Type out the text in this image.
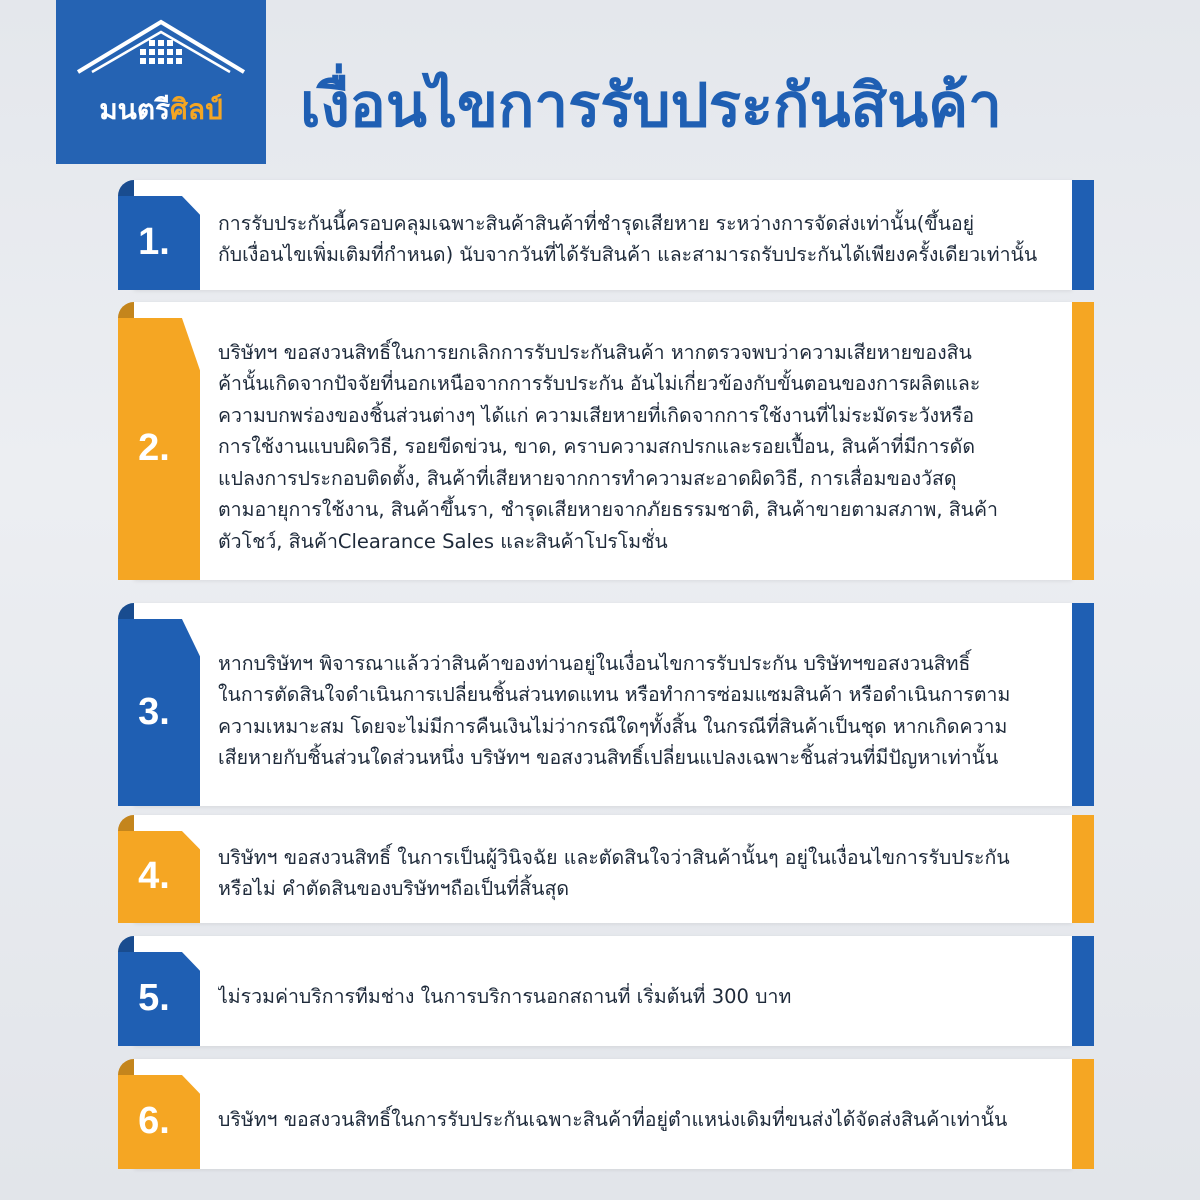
มนตรีศิลป์	เงื่อนไขการรับประกันสินค้า
1.	การรับประกันนี้ครอบคลุมเฉพาะสินค้าสินค้าที่ชำรุดเสียหาย ระหว่างการจัดส่งเท่านั้น(ขึ้นอยู่
กับเงื่อนไขเพิ่มเติมที่กำหนด) นับจากวันที่ได้รับสินค้า และสามารถรับประกันได้เพียงครั้งเดียวเท่านั้น
2.
บริษัทฯ ขอสงวนสิทธิ์ในการยกเลิกการรับประกันสินค้า หากตรวจพบว่าความเสียหายของสิน
ค้านั้นเกิดจากปัจจัยที่นอกเหนือจากการรับประกัน อันไม่เกี่ยวข้องกับขั้นตอนของการผลิตและ
ความบกพร่องของชิ้นส่วนต่างๆ ได้แก่ ความเสียหายที่เกิดจากการใช้งานที่ไม่ระมัดระวังหรือ
การใช้งานแบบผิดวิธี, รอยขีดข่วน, ขาด, คราบความสกปรกและรอยเปื้อน, สินค้าที่มีการดัด
แปลงการประกอบติดตั้ง, สินค้าที่เสียหายจากการทำความสะอาดผิดวิธี, การเสื่อมของวัสดุ
ตามอายุการใช้งาน, สินค้าขึ้นรา, ชำรุดเสียหายจากภัยธรรมชาติ, สินค้าขายตามสภาพ, สินค้า
ตัวโชว์, สินค้าClearance Sales และสินค้าโปรโมชั่น
3.
หากบริษัทฯ พิจารณาแล้วว่าสินค้าของท่านอยู่ในเงื่อนไขการรับประกัน บริษัทฯขอสงวนสิทธิ์
ในการตัดสินใจดำเนินการเปลี่ยนชิ้นส่วนทดแทน หรือทำการซ่อมแซมสินค้า หรือดำเนินการตาม
ความเหมาะสม โดยจะไม่มีการคืนเงินไม่ว่ากรณีใดๆทั้งสิ้น ในกรณีที่สินค้าเป็นชุด หากเกิดความ
เสียหายกับชิ้นส่วนใดส่วนหนึ่ง บริษัทฯ ขอสงวนสิทธิ์เปลี่ยนแปลงเฉพาะชิ้นส่วนที่มีปัญหาเท่านั้น
4.	บริษัทฯ ขอสงวนสิทธิ์ ในการเป็นผู้วินิจฉัย และตัดสินใจว่าสินค้านั้นๆ อยู่ในเงื่อนไขการรับประกัน
หรือไม่ คำตัดสินของบริษัทฯถือเป็นที่สิ้นสุด
5.	ไม่รวมค่าบริการทีมช่าง ในการบริการนอกสถานที่ เริ่มต้นที่ 300 บาท
6.	บริษัทฯ ขอสงวนสิทธิ์ในการรับประกันเฉพาะสินค้าที่อยู่ตำแหน่งเดิมที่ขนส่งได้จัดส่งสินค้าเท่านั้น
